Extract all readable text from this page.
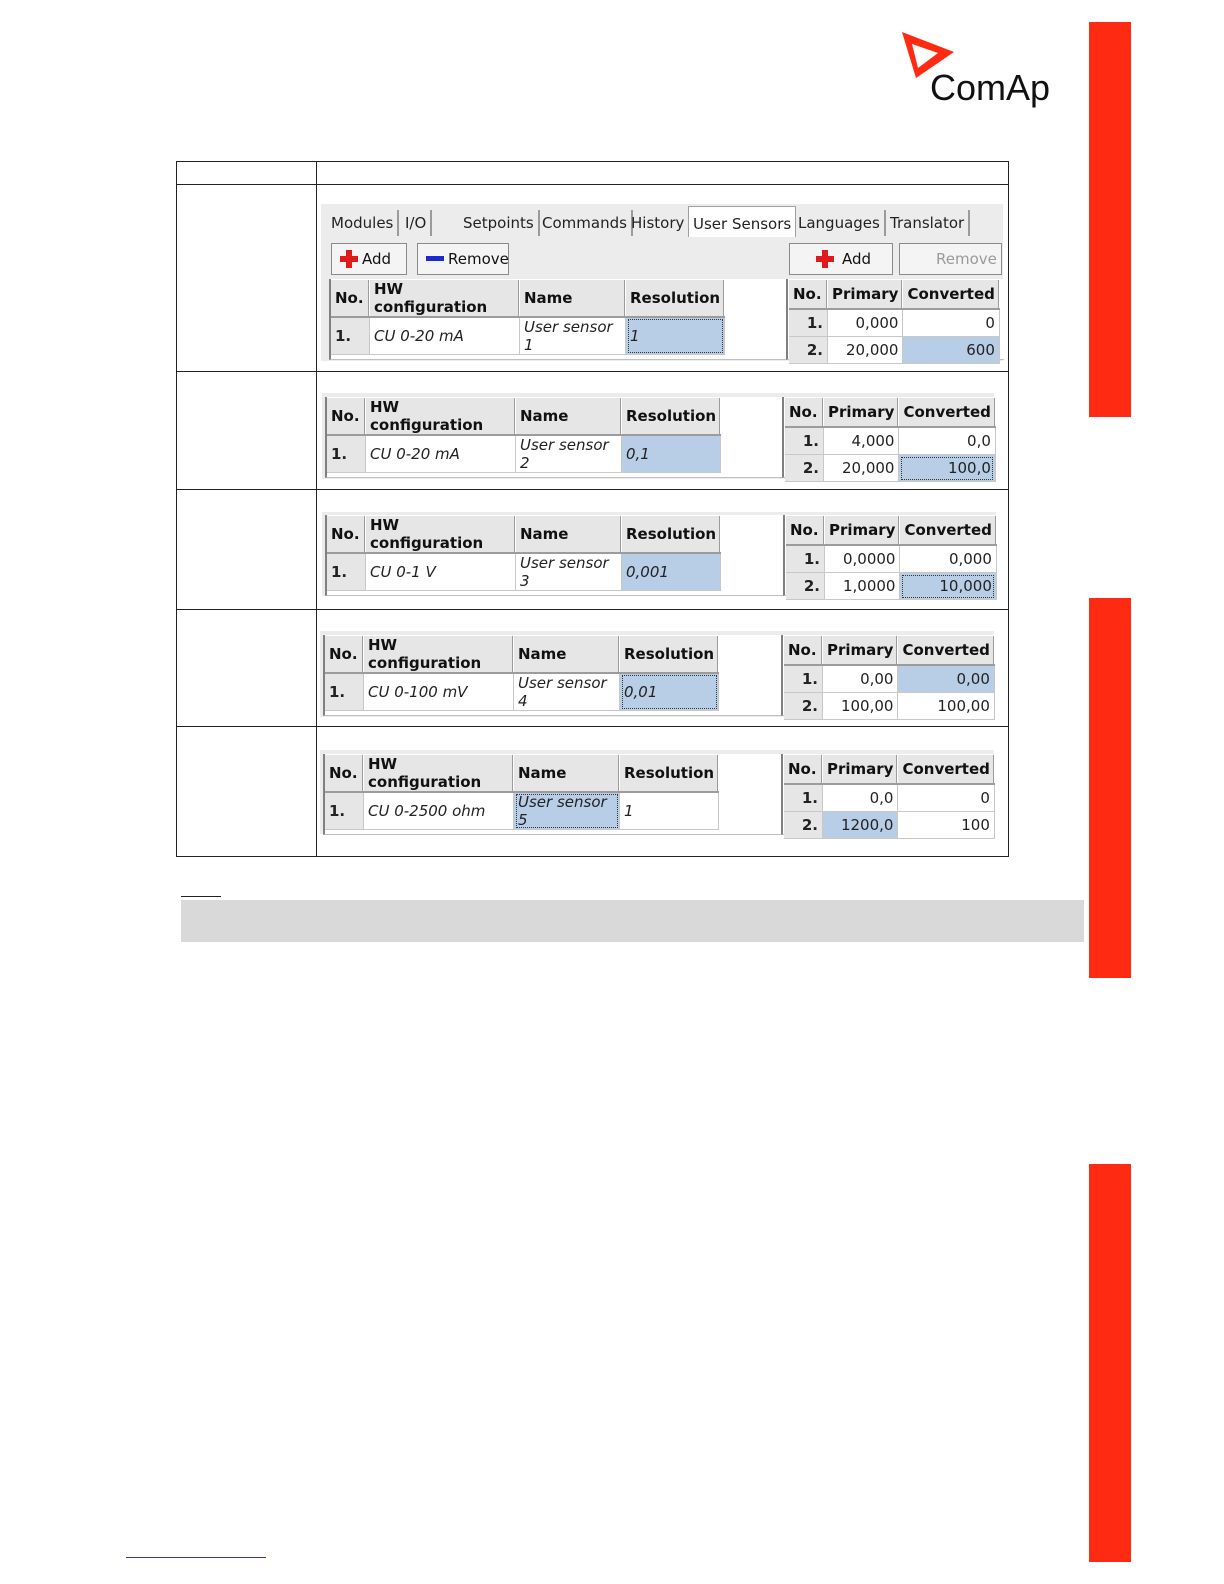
ComAp
Modules I/O	Setpoints Commands History User Sensors Languages Translator
Add	Remove	Add	Remove
No.	HW configuration	Name	Resolution
1.	CU 0-20 mA	User sensor 1	1
No.	Primary	Converted
1.	0,000	0
2.	20,000	600
No.	HW configuration	Name	Resolution
1.	CU 0-20 mA	User sensor 2	0,1
No.	Primary	Converted
1.	4,000	0,0
2.	20,000	100,0
No.	HW configuration	Name	Resolution
1.	CU 0-1 V	User sensor 3	0,001
No.	Primary	Converted
1.	0,0000	0,000
2.	1,0000	10,000
No.	HW configuration	Name	Resolution
1.	CU 0-100 mV	User sensor 4	0,01
No.	Primary	Converted
1.	0,00	0,00
2.	100,00	100,00
No.	HW configuration	Name	Resolution
1.	CU 0-2500 ohm	User sensor 5	1
No.	Primary	Converted
1.	0,0	0
2.	1200,0	100
